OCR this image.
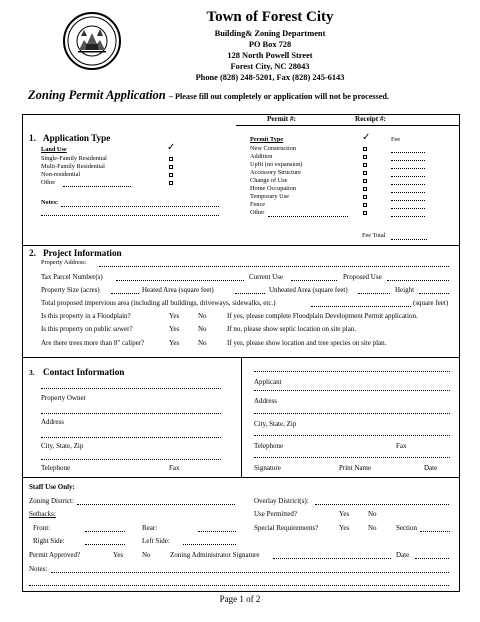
Town of Forest City
Building& Zoning Department
PO Box 728
128 North Powell Street
Forest City, NC 28043
Phone (828) 248-5201, Fax (828) 245-6143
Zoning Permit Application – Please fill out completely or application will not be processed.
Permit #:	Receipt #:
1. Application Type
Land Use	✓
Single-Family Residential
Multi-Family Residential
Non-residential
Other
Notes:
Permit Type	✓	Fee
New Construction
Addition
Upfit (no expansion)
Accessory Structure
Change of Use
Home Occupation
Temporary Use
Fence
Other
Fee Total
2. Project Information
Property Address:
Tax Parcel Number(s)	Current Use	Proposed Use
Property Size (acres)	Heated Area (square feet)	Unheated Area (square feet)	Height
Total proposed impervious area (including all buildings, driveways, sidewalks, etc.)	(square feet)
Is this property in a Floodplain?	Yes	No	If yes, please complete Floodplain Development Permit application.
Is this property on public sewer?	Yes	No	If no, please show septic location on site plan.
Are there trees more than 8" caliper?	Yes	No	If yes, please show location and tree species on site plan.
3. Contact Information
Property Owner
Address
City, State, Zip
Telephone	Fax
Applicant
Address
City, State, Zip
Telephone	Fax
Signature	Print Name	Date
Staff Use Only:
Zoning District:	Overlay District(s):
Setbacks:	Use Permitted?	Yes	No
Front:	Rear:	Special Requirements?	Yes	No	Section
Right Side:	Left Side:
Permit Approved?	Yes	No	Zoning Administrator Signature	Date
Notes:
Page 1 of 2
